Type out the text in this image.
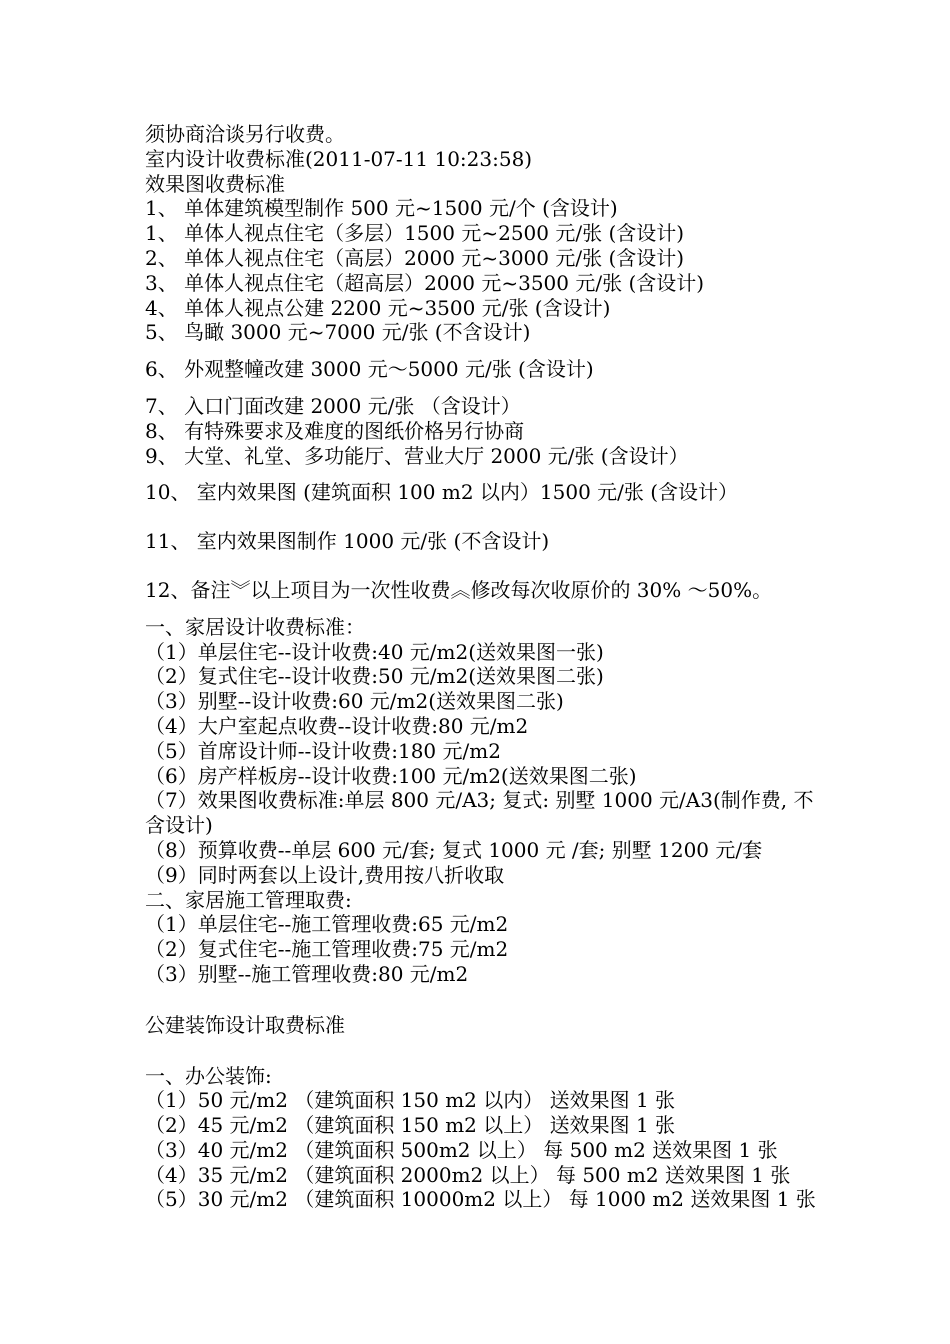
须协商洽谈另行收费。
室内设计收费标准(2011-07-11 10:23:58)
效果图收费标准
1、 单体建筑模型制作 500 元~1500 元/个 (含设计)
1、 单体人视点住宅（多层）1500 元~2500 元/张 (含设计)
2、 单体人视点住宅（高层）2000 元~3000 元/张 (含设计)
3、 单体人视点住宅（超高层）2000 元~3500 元/张 (含设计)
4、 单体人视点公建 2200 元~3500 元/张 (含设计)
5、 鸟瞰 3000 元~7000 元/张 (不含设计)
6、 外观整幢改建 3000 元～5000 元/张 (含设计)
7、 入口门面改建 2000 元/张 （含设计）
8、 有特殊要求及难度的图纸价格另行协商
9、 大堂、礼堂、多功能厅、营业大厅 2000 元/张 (含设计）
10、 室内效果图 (建筑面积 100 m2 以内）1500 元/张 (含设计）
11、 室内效果图制作 1000 元/张 (不含设计)
12、备注︾以上项目为一次性收费︽修改每次收原价的 30% ～50%。
一、家居设计收费标准：
（1）单层住宅--设计收费:40 元/m2(送效果图一张)
（2）复式住宅--设计收费:50 元/m2(送效果图二张)
（3）别墅--设计收费:60 元/m2(送效果图二张)
（4）大户室起点收费--设计收费:80 元/m2
（5）首席设计师--设计收费:180 元/m2
（6）房产样板房--设计收费:100 元/m2(送效果图二张)
（7）效果图收费标准:单层 800 元/A3; 复式: 别墅 1000 元/A3(制作费, 不含设计)
（8）预算收费--单层 600 元/套; 复式 1000 元 /套; 别墅 1200 元/套
（9）同时两套以上设计,费用按八折收取
二、家居施工管理取费:
（1）单层住宅--施工管理收费:65 元/m2
（2）复式住宅--施工管理收费:75 元/m2
（3）别墅--施工管理收费:80 元/m2
公建装饰设计取费标准
一、办公装饰:
（1）50 元/m2 （建筑面积 150 m2 以内） 送效果图 1 张
（2）45 元/m2 （建筑面积 150 m2 以上） 送效果图 1 张
（3）40 元/m2 （建筑面积 500m2 以上） 每 500 m2 送效果图 1 张
（4）35 元/m2 （建筑面积 2000m2 以上） 每 500 m2 送效果图 1 张
（5）30 元/m2 （建筑面积 10000m2 以上） 每 1000 m2 送效果图 1 张
